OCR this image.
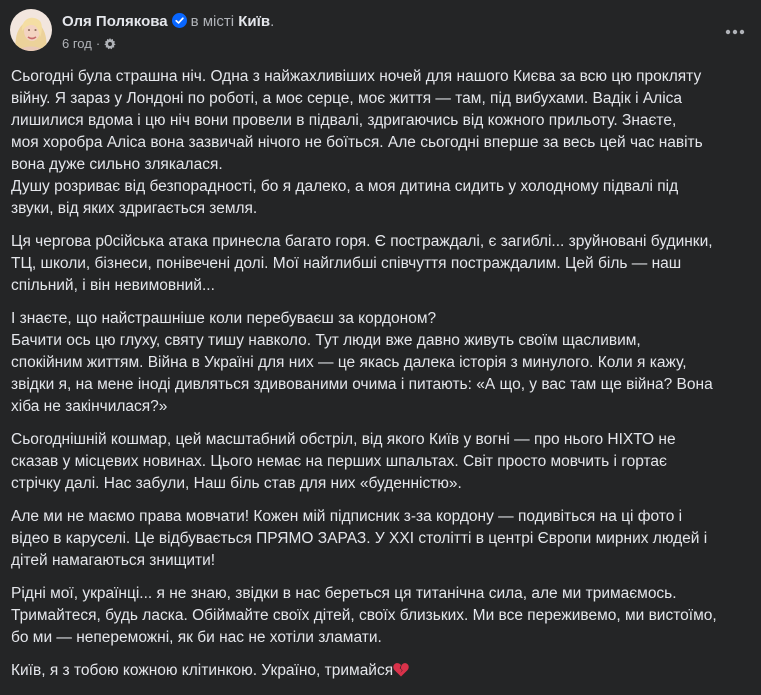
Оля Полякова в місті Київ.
6 год ·

Сьогодні була страшна ніч. Одна з найжахливіших ночей для нашого Києва за всю цю прокляту
війну. Я зараз у Лондоні по роботі, а моє серце, моє життя — там, під вибухами. Вадік і Аліса
лишилися вдома і цю ніч вони провели в підвалі, здригаючись від кожного прильоту. Знаєте,
моя хоробра Аліса вона зазвичай нічого не боїться. Але сьогодні вперше за весь цей час навіть
вона дуже сильно злякалася.
Душу розриває від безпорадності, бо я далеко, а моя дитина сидить у холодному підвалі під
звуки, від яких здригається земля.

Ця чергова р0сійська атака принесла багато горя. Є постраждалі, є загиблі... зруйновані будинки,
ТЦ, школи, бізнеси, понівечені долі. Мої найглибші співчуття постраждалим. Цей біль — наш
спільний, і він невимовний...

І знаєте, що найстрашніше коли перебуваєш за кордоном?
Бачити ось цю глуху, святу тишу навколо. Тут люди вже давно живуть своїм щасливим,
спокійним життям. Війна в Україні для них — це якась далека історія з минулого. Коли я кажу,
звідки я, на мене іноді дивляться здивованими очима і питають: «А що, у вас там ще війна? Вона
хіба не закінчилася?»

Сьогоднішній кошмар, цей масштабний обстріл, від якого Київ у вогні — про нього НІХТО не
сказав у місцевих новинах. Цього немає на перших шпальтах. Світ просто мовчить і гортає
стрічку далі. Нас забули, Наш біль став для них «буденністю».

Але ми не маємо права мовчати! Кожен мій підписник з-за кордону — подивіться на ці фото і
відео в каруселі. Це відбувається ПРЯМО ЗАРАЗ. У XXI столітті в центрі Європи мирних людей і
дітей намагаються знищити!

Рідні мої, українці... я не знаю, звідки в нас береться ця титанічна сила, але ми тримаємось.
Тримайтеся, будь ласка. Обіймайте своїх дітей, своїх близьких. Ми все переживемо, ми вистоїмо,
бо ми — непереможні, як би нас не хотіли зламати.

Київ, я з тобою кожною клітинкою. Україно, тримайся
